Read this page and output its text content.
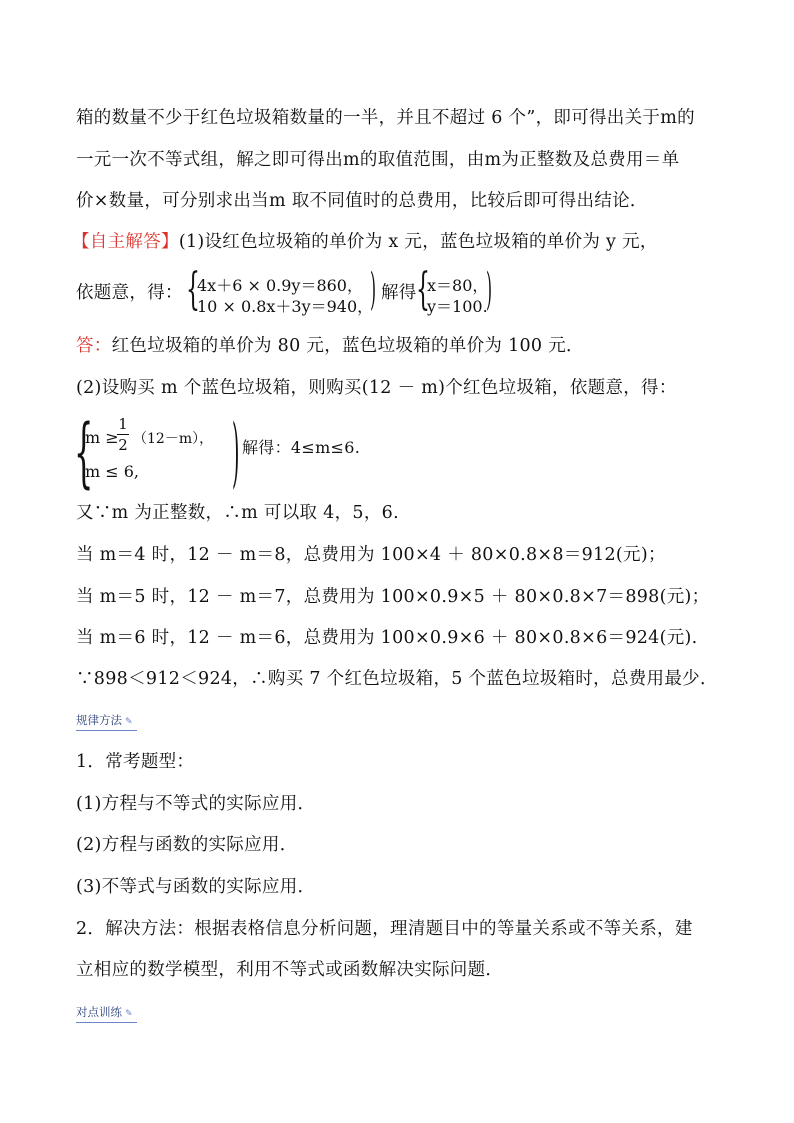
箱的数量不少于红色垃圾箱数量的一半，并且不超过 6 个”，即可得出关于m的
一元一次不等式组，解之即可得出m的取值范围，由m为正整数及总费用＝单
价×数量，可分别求出当m 取不同值时的总费用，比较后即可得出结论．
【自主解答】(1)设红色垃圾箱的单价为 x 元，蓝色垃圾箱的单价为 y 元，
依题意，得： {
4x＋6 × 0.9y＝860，
10 × 0.8x＋3y＝940，
) 解得 {
x＝80，
y＝100.
)
答：红色垃圾箱的单价为 80 元，蓝色垃圾箱的单价为 100 元．
(2)设购买 m 个蓝色垃圾箱，则购买(12 － m)个红色垃圾箱，依题意，得：
{
m ≥
1
2 （12－m），
m ≤ 6, ) 解得：4≤m≤6.
又∵m 为正整数，∴m 可以取 4，5，6.
当 m＝4 时，12 － m＝8，总费用为 100×4 ＋ 80×0.8×8＝912(元)；
当 m＝5 时，12 － m＝7，总费用为 100×0.9×5 ＋ 80×0.8×7＝898(元)；
当 m＝6 时，12 － m＝6，总费用为 100×0.9×6 ＋ 80×0.8×6＝924(元).
∵898＜912＜924，∴购买 7 个红色垃圾箱，5 个蓝色垃圾箱时，总费用最少．
规律方法 ✎
1．常考题型：
(1)方程与不等式的实际应用．
(2)方程与函数的实际应用．
(3)不等式与函数的实际应用．
2．解决方法：根据表格信息分析问题，理清题目中的等量关系或不等关系，建
立相应的数学模型，利用不等式或函数解决实际问题．
对点训练 ✎
